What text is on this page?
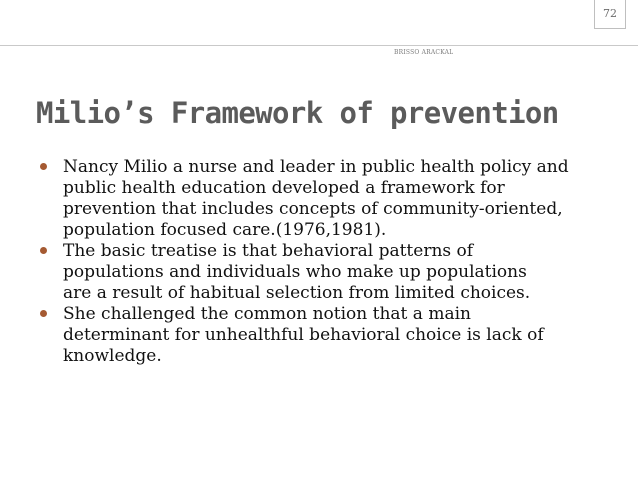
72
BRISSO ARACKAL
Milio’s Framework of prevention
Nancy Milio a nurse and leader in public health policy and public health education developed a framework for prevention that includes concepts of community-oriented, population focused care.(1976,1981).
The basic treatise is that behavioral patterns of populations and individuals who make up populations are a result of habitual selection from limited choices.
She challenged the common notion that a main determinant for unhealthful behavioral choice is lack of knowledge.
